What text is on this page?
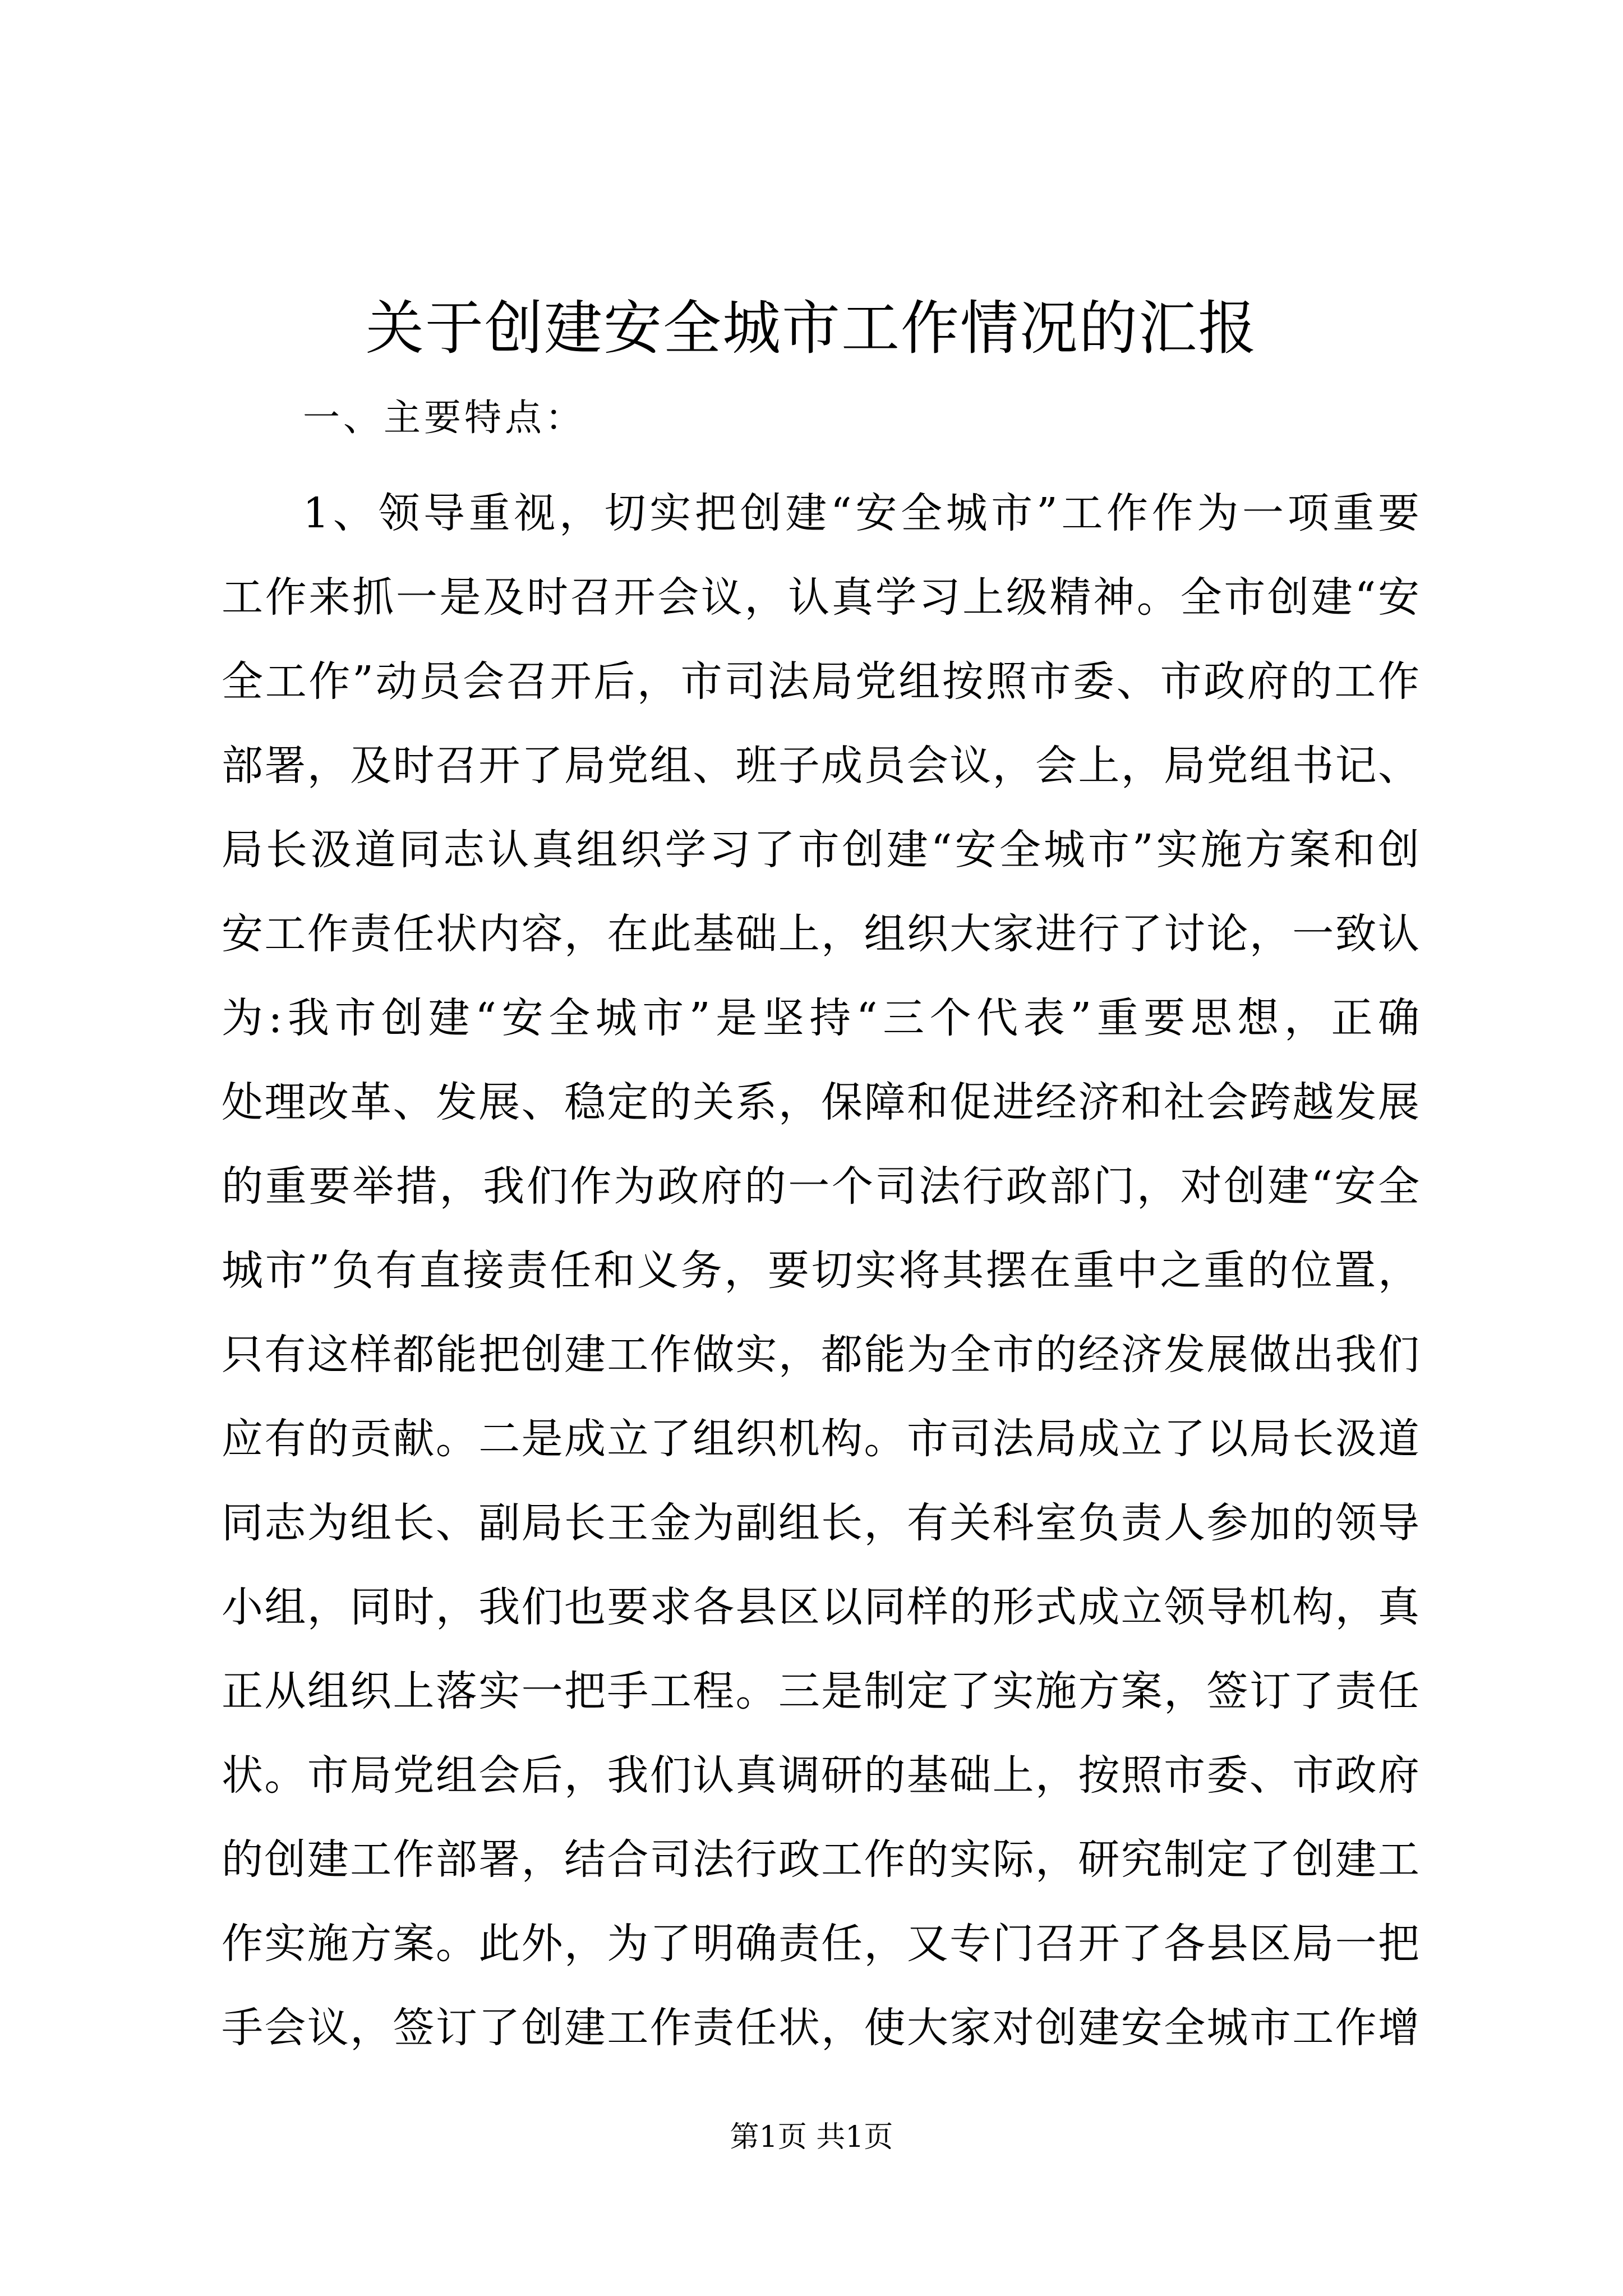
关于创建安全城市工作情况的汇报

一、主要特点：

1、领导重视，切实把创建“安全城市”工作作为一项重要
工作来抓一是及时召开会议，认真学习上级精神。全市创建“安
全工作”动员会召开后，市司法局党组按照市委、市政府的工作
部署，及时召开了局党组、班子成员会议，会上，局党组书记、
局长汲道同志认真组织学习了市创建“安全城市”实施方案和创
安工作责任状内容，在此基础上，组织大家进行了讨论，一致认
为:我市创建“安全城市”是坚持“三个代表”重要思想，正确
处理改革、发展、稳定的关系，保障和促进经济和社会跨越发展
的重要举措，我们作为政府的一个司法行政部门，对创建“安全
城市”负有直接责任和义务，要切实将其摆在重中之重的位置，
只有这样都能把创建工作做实，都能为全市的经济发展做出我们
应有的贡献。二是成立了组织机构。市司法局成立了以局长汲道
同志为组长、副局长王金为副组长，有关科室负责人参加的领导
小组，同时，我们也要求各县区以同样的形式成立领导机构，真
正从组织上落实一把手工程。三是制定了实施方案，签订了责任
状。市局党组会后，我们认真调研的基础上，按照市委、市政府
的创建工作部署，结合司法行政工作的实际，研究制定了创建工
作实施方案。此外，为了明确责任，又专门召开了各县区局一把
手会议，签订了创建工作责任状，使大家对创建安全城市工作增
第1页 共1页
